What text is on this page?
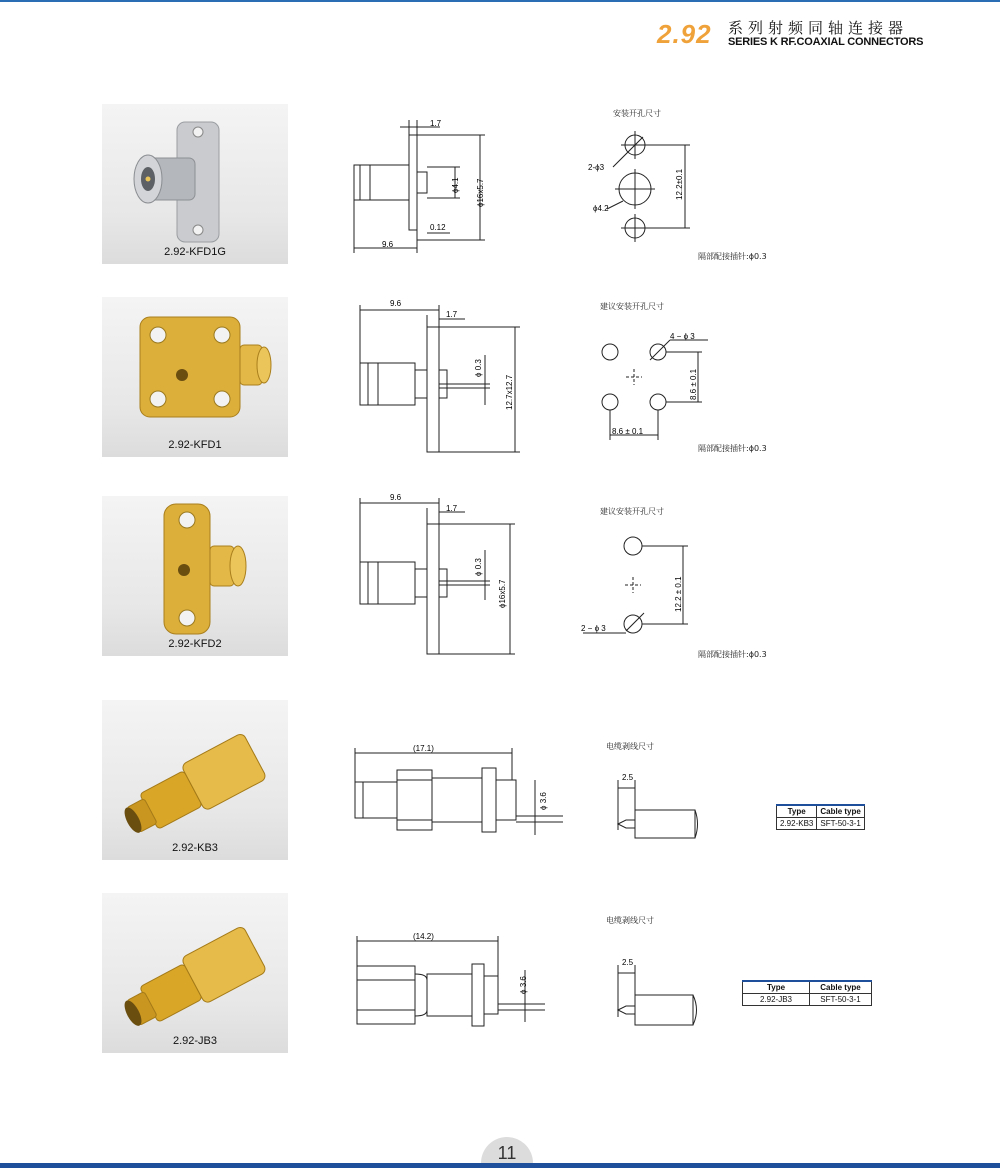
2.92 系列射频同轴连接器
SERIES K RF.COAXIAL CONNECTORS
2.92-KFD1G
1.7
ϕ4.1 ϕ16x5.7
0.12
9.6
安装开孔尺寸
2-ϕ3
ϕ4.2
12.2±0.1
隔部配接插针:ϕ0.3
2.92-KFD1
9.6
1.7
ϕ 0.3
12.7x12.7
建议安装开孔尺寸
4 − ϕ 3
8.6 ± 0.1
8.6 ± 0.1
隔部配接插针:ϕ0.3
2.92-KFD2
9.6
1.7
ϕ 0.3
ϕ16x5.7
建议安装开孔尺寸
12.2 ± 0.1
2 − ϕ 3
隔部配接插针:ϕ0.3
2.92-KB3
(17.1)
ϕ 3.6
电缆剥线尺寸
2.5
Type	Cable type
2.92-KB3	SFT-50-3-1
2.92-JB3
(14.2)
ϕ 3.6
电缆剥线尺寸
2.5
Type	Cable type
2.92-JB3	SFT-50-3-1
11
